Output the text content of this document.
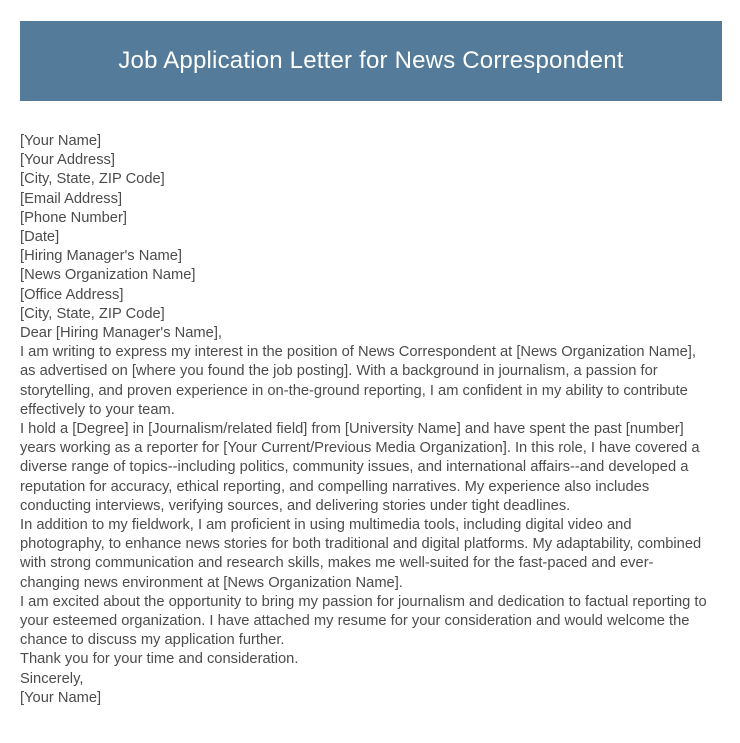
Job Application Letter for News Correspondent
[Your Name]
[Your Address]
[City, State, ZIP Code]
[Email Address]
[Phone Number]
[Date]
[Hiring Manager's Name]
[News Organization Name]
[Office Address]
[City, State, ZIP Code]
Dear [Hiring Manager's Name],

I am writing to express my interest in the position of News Correspondent at [News Organization Name], as advertised on [where you found the job posting]. With a background in journalism, a passion for storytelling, and proven experience in on-the-ground reporting, I am confident in my ability to contribute effectively to your team.

I hold a [Degree] in [Journalism/related field] from [University Name] and have spent the past [number] years working as a reporter for [Your Current/Previous Media Organization]. In this role, I have covered a diverse range of topics--including politics, community issues, and international affairs--and developed a reputation for accuracy, ethical reporting, and compelling narratives. My experience also includes conducting interviews, verifying sources, and delivering stories under tight deadlines.

In addition to my fieldwork, I am proficient in using multimedia tools, including digital video and photography, to enhance news stories for both traditional and digital platforms. My adaptability, combined with strong communication and research skills, makes me well-suited for the fast-paced and ever-changing news environment at [News Organization Name].

I am excited about the opportunity to bring my passion for journalism and dedication to factual reporting to your esteemed organization. I have attached my resume for your consideration and would welcome the chance to discuss my application further.

Thank you for your time and consideration.
Sincerely,
[Your Name]
